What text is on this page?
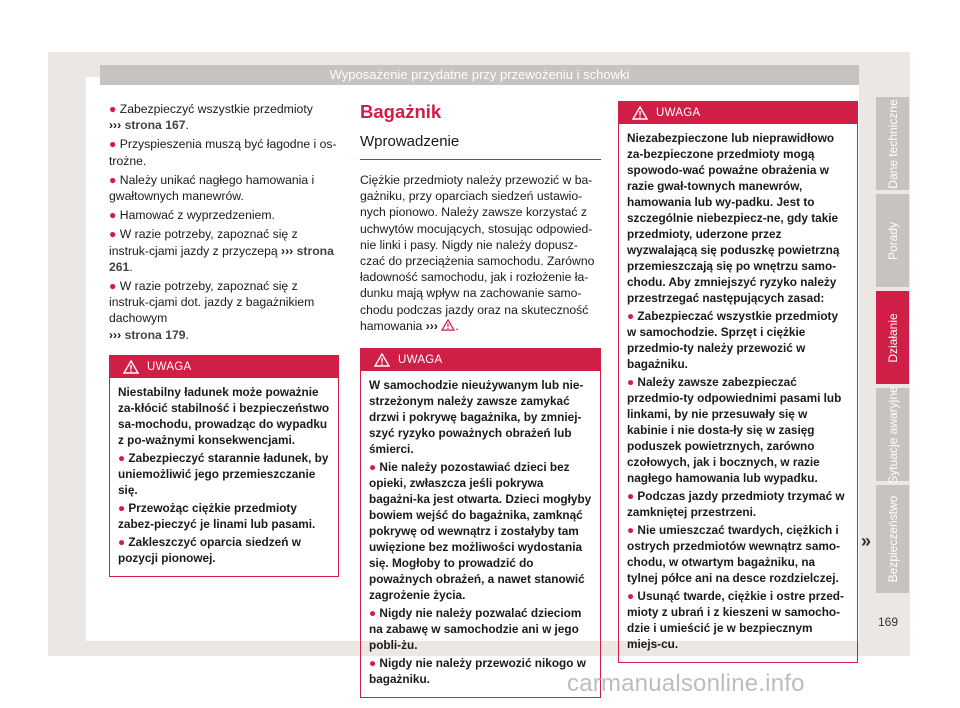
Wyposażenie przydatne przy przewożeniu i schowki
● Zabezpieczyć wszystkie przedmioty
››› strona 167.
● Przyspieszenia muszą być łagodne i os-trożne.
● Należy unikać nagłego hamowania i gwałtownych manewrów.
● Hamować z wyprzedzeniem.
● W razie potrzeby, zapoznać się z instruk-cjami jazdy z przyczepą ››› strona 261.
● W razie potrzeby, zapoznać się z instruk-cjami dot. jazdy z bagażnikiem dachowym
››› strona 179.
UWAGA

Niestabilny ładunek może poważnie za-kłócić stabilność i bezpieczeństwo sa-mochodu, prowadząc do wypadku z po-ważnymi konsekwencjami.

● Zabezpieczyć starannie ładunek, by uniemożliwić jego przemieszczanie się.

● Przewożąc ciężkie przedmioty zabez-pieczyć je linami lub pasami.

● Zakleszczyć oparcia siedzeń w pozycji pionowej.

Bagażnik
Wprowadzenie
Ciężkie przedmioty należy przewozić w ba-gażniku, przy oparciach siedzeń ustawio-nych pionowo. Należy zawsze korzystać z uchwytów mocujących, stosując odpowied-nie linki i pasy. Nigdy nie należy dopusz-czać do przeciążenia samochodu. Zarówno ładowność samochodu, jak i rozłożenie ła-dunku mają wpływ na zachowanie samo-chodu podczas jazdy oraz na skuteczność hamowania ››› .
UWAGA

W samochodzie nieużywanym lub nie-strzeżonym należy zawsze zamykać drzwi i pokrywę bagażnika, by zmniej-szyć ryzyko poważnych obrażeń lub śmierci.

● Nie należy pozostawiać dzieci bez opieki, zwłaszcza jeśli pokrywa bagażni-ka jest otwarta. Dzieci mogłyby bowiem wejść do bagażnika, zamknąć pokrywę od wewnątrz i zostałyby tam uwięzione bez możliwości wydostania się. Mogłoby to prowadzić do poważnych obrażeń, a nawet stanowić zagrożenie życia.

● Nigdy nie należy pozwalać dzieciom na zabawę w samochodzie ani w jego pobli-żu.

● Nigdy nie należy przewozić nikogo w bagażniku.

UWAGA

Niezabezpieczone lub nieprawidłowo za-bezpieczone przedmioty mogą spowodo-wać poważne obrażenia w razie gwał-townych manewrów, hamowania lub wy-padku. Jest to szczególnie niebezpiecz-ne, gdy takie przedmioty, uderzone przez wyzwalającą się poduszkę powietrzną przemieszczają się po wnętrzu samo-chodu. Aby zmniejszyć ryzyko należy przestrzegać następujących zasad:

● Zabezpieczać wszystkie przedmioty w samochodzie. Sprzęt i ciężkie przedmio-ty należy przewozić w bagażniku.

● Należy zawsze zabezpieczać przedmio-ty odpowiednimi pasami lub linkami, by nie przesuwały się w kabinie i nie dosta-ły się w zasięg poduszek powietrznych, zarówno czołowych, jak i bocznych, w razie nagłego hamowania lub wypadku.

● Podczas jazdy przedmioty trzymać w zamkniętej przestrzeni.

● Nie umieszczać twardych, ciężkich i ostrych przedmiotów wewnątrz samo-chodu, w otwartym bagażniku, na tylnej półce ani na desce rozdzielczej.

● Usunąć twarde, ciężkie i ostre przed-mioty z ubrań i z kieszeni w samocho-dzie i umieścić je w bezpiecznym miejs-cu.

»
Dane techniczne
Porady
Działanie
Sytuacje awaryjne
Bezpieczeństwo
169
carmanualsonline.info
